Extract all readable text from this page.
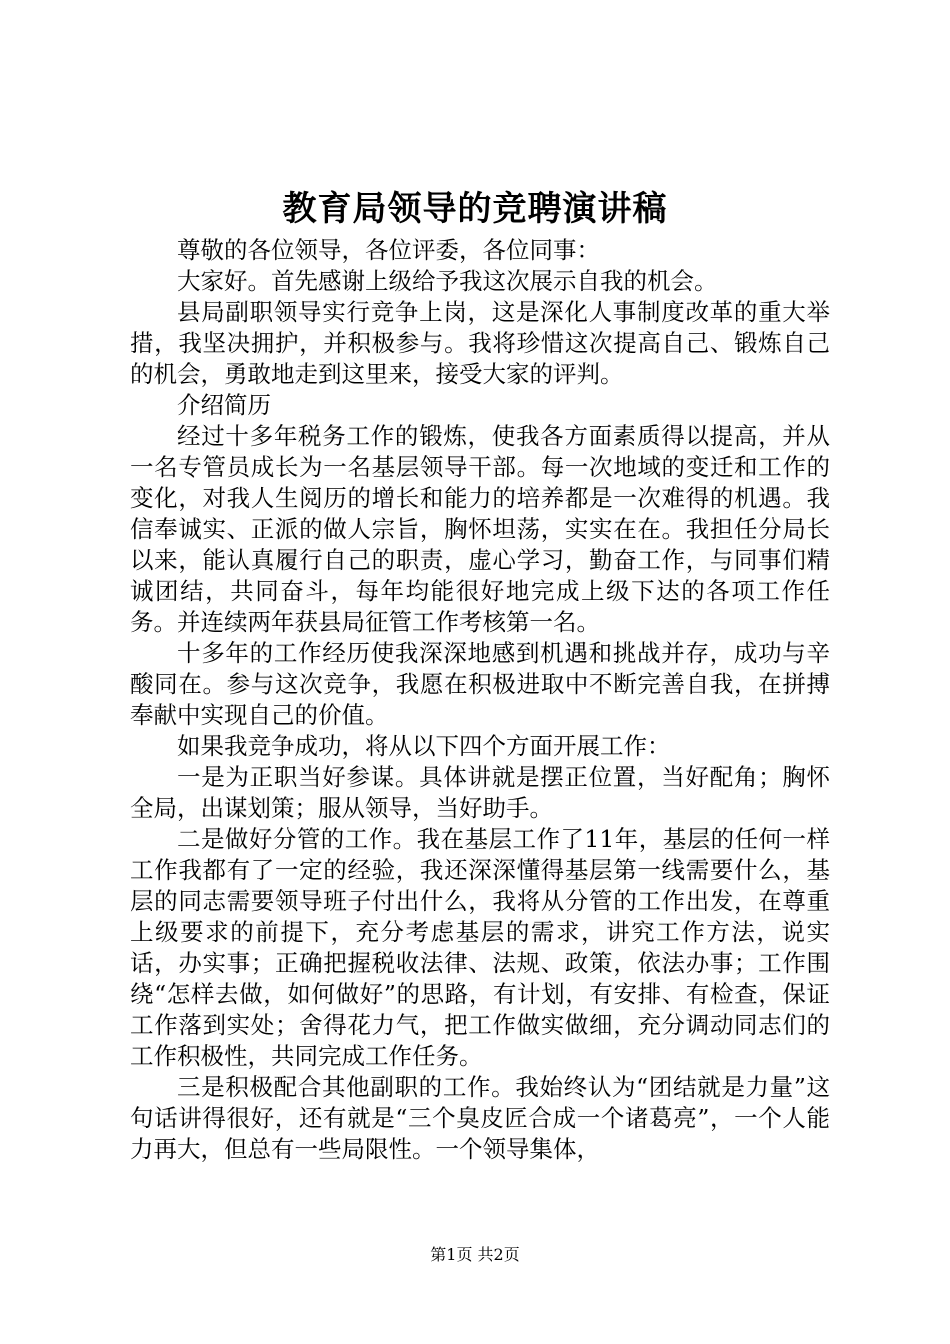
教育局领导的竞聘演讲稿

尊敬的各位领导，各位评委，各位同事：

大家好。首先感谢上级给予我这次展示自我的机会。

县局副职领导实行竞争上岗，这是深化人事制度改革的重大举措，我坚决拥护，并积极参与。我将珍惜这次提高自己、锻炼自己的机会，勇敢地走到这里来，接受大家的评判。

介绍简历

经过十多年税务工作的锻炼，使我各方面素质得以提高，并从一名专管员成长为一名基层领导干部。每一次地域的变迁和工作的变化，对我人生阅历的增长和能力的培养都是一次难得的机遇。我信奉诚实、正派的做人宗旨，胸怀坦荡，实实在在。我担任分局长以来，能认真履行自己的职责，虚心学习，勤奋工作，与同事们精诚团结，共同奋斗，每年均能很好地完成上级下达的各项工作任务。并连续两年获县局征管工作考核第一名。

十多年的工作经历使我深深地感到机遇和挑战并存，成功与辛酸同在。参与这次竞争，我愿在积极进取中不断完善自我，在拼搏奉献中实现自己的价值。

如果我竞争成功，将从以下四个方面开展工作：

一是为正职当好参谋。具体讲就是摆正位置，当好配角；胸怀全局，出谋划策；服从领导，当好助手。

二是做好分管的工作。我在基层工作了11年，基层的任何一样工作我都有了一定的经验，我还深深懂得基层第一线需要什么，基层的同志需要领导班子付出什么，我将从分管的工作出发，在尊重上级要求的前提下，充分考虑基层的需求，讲究工作方法，说实话，办实事；正确把握税收法律、法规、政策，依法办事；工作围绕“怎样去做，如何做好”的思路，有计划，有安排、有检查，保证工作落到实处；舍得花力气，把工作做实做细，充分调动同志们的工作积极性，共同完成工作任务。

三是积极配合其他副职的工作。我始终认为“团结就是力量”这句话讲得很好，还有就是“三个臭皮匠合成一个诸葛亮”，一个人能力再大，但总有一些局限性。一个领导集体，

第1页 共2页
